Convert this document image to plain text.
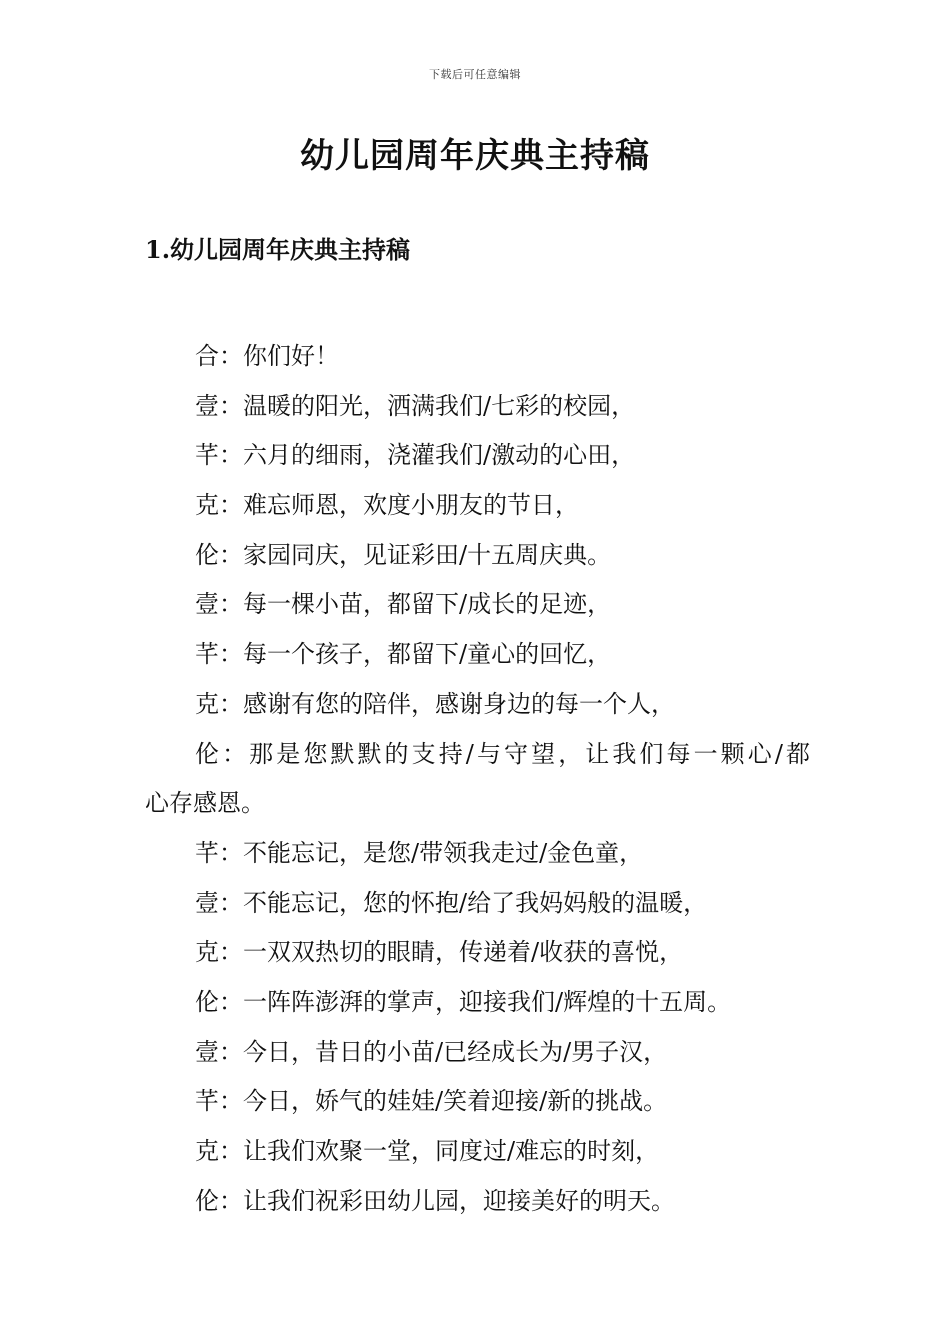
下载后可任意编辑
幼儿园周年庆典主持稿
1.幼儿园周年庆典主持稿
合：你们好！
壹：温暖的阳光，洒满我们/七彩的校园，
芊：六月的细雨，浇灌我们/激动的心田，
克：难忘师恩，欢度小朋友的节日，
伦：家园同庆，见证彩田/十五周庆典。
壹：每一棵小苗，都留下/成长的足迹，
芊：每一个孩子，都留下/童心的回忆，
克：感谢有您的陪伴，感谢身边的每一个人，
伦：那是您默默的支持/与守望，让我们每一颗心/都
心存感恩。
芊：不能忘记，是您/带领我走过/金色童，
壹：不能忘记，您的怀抱/给了我妈妈般的温暖，
克：一双双热切的眼睛，传递着/收获的喜悦，
伦：一阵阵澎湃的掌声，迎接我们/辉煌的十五周。
壹：今日，昔日的小苗/已经成长为/男子汉，
芊：今日，娇气的娃娃/笑着迎接/新的挑战。
克：让我们欢聚一堂，同度过/难忘的时刻，
伦：让我们祝彩田幼儿园，迎接美好的明天。
